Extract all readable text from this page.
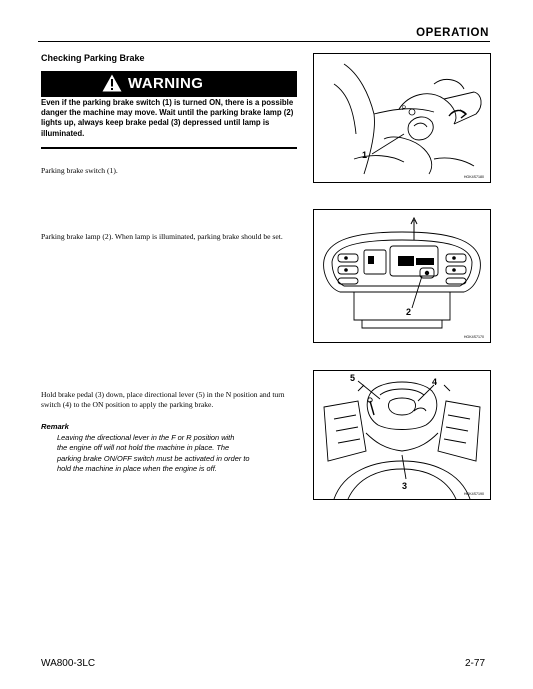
OPERATION
Checking Parking Brake
WARNING
Even if the parking brake switch (1) is turned ON, there is a possible danger the machine may move. Wait until the parking brake lamp (2) lights up, always keep brake pedal (3) depressed until lamp is illuminated.
Parking brake switch (1).
Parking brake lamp (2). When lamp is illuminated, parking brake should be set.
Hold brake pedal (3) down, place directional lever (5) in the N position and turn switch (4) to the ON position to apply the parking brake.
Remark
Leaving the directional lever in the F or R position with
the engine off will not hold the machine in place. The
parking brake ON/OFF switch must be activated in order to
hold the machine in place when the engine is off.
P
1
HGK4S7180
2
HGK4S7170
5	4
3
HGK4S7190
WA800-3LC	2-77
